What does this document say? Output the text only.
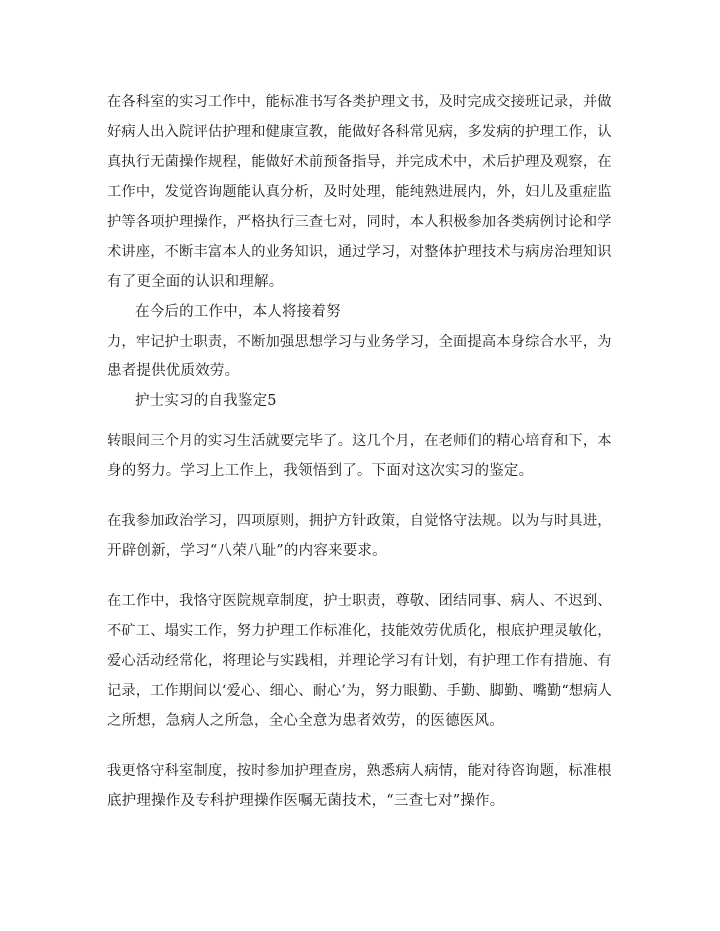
在各科室的实习工作中，能标准书写各类护理文书，及时完成交接班记录，并做
好病人出入院评估护理和健康宣教，能做好各科常见病，多发病的护理工作，认
真执行无菌操作规程，能做好术前预备指导，并完成术中，术后护理及观察，在
工作中，发觉咨询题能认真分析，及时处理，能纯熟进展内，外，妇儿及重症监
护等各项护理操作，严格执行三查七对，同时，本人积极参加各类病例讨论和学
术讲座，不断丰富本人的业务知识，通过学习，对整体护理技术与病房治理知识
有了更全面的认识和理解。
在今后的工作中，本人将接着努
力，牢记护士职责，不断加强思想学习与业务学习，全面提高本身综合水平，为
患者提供优质效劳。
护士实习的自我鉴定5
转眼间三个月的实习生活就要完毕了。这几个月，在老师们的精心培育和下，本
身的努力。学习上工作上，我领悟到了。下面对这次实习的鉴定。
在我参加政治学习，四项原则，拥护方针政策，自觉恪守法规。以为与时具进，
开辟创新，学习“八荣八耻”的内容来要求。
在工作中，我恪守医院规章制度，护士职责，尊敬、团结同事、病人、不迟到、
不矿工、塌实工作，努力护理工作标准化，技能效劳优质化，根底护理灵敏化，
爱心活动经常化，将理论与实践相，并理论学习有计划，有护理工作有措施、有
记录，工作期间以‘爱心、细心、耐心’为，努力眼勤、手勤、脚勤、嘴勤“想病人
之所想，急病人之所急，全心全意为患者效劳，的医德医风。
我更恪守科室制度，按时参加护理查房，熟悉病人病情，能对待咨询题，标准根
底护理操作及专科护理操作医嘱无菌技术，“三查七对”操作。
